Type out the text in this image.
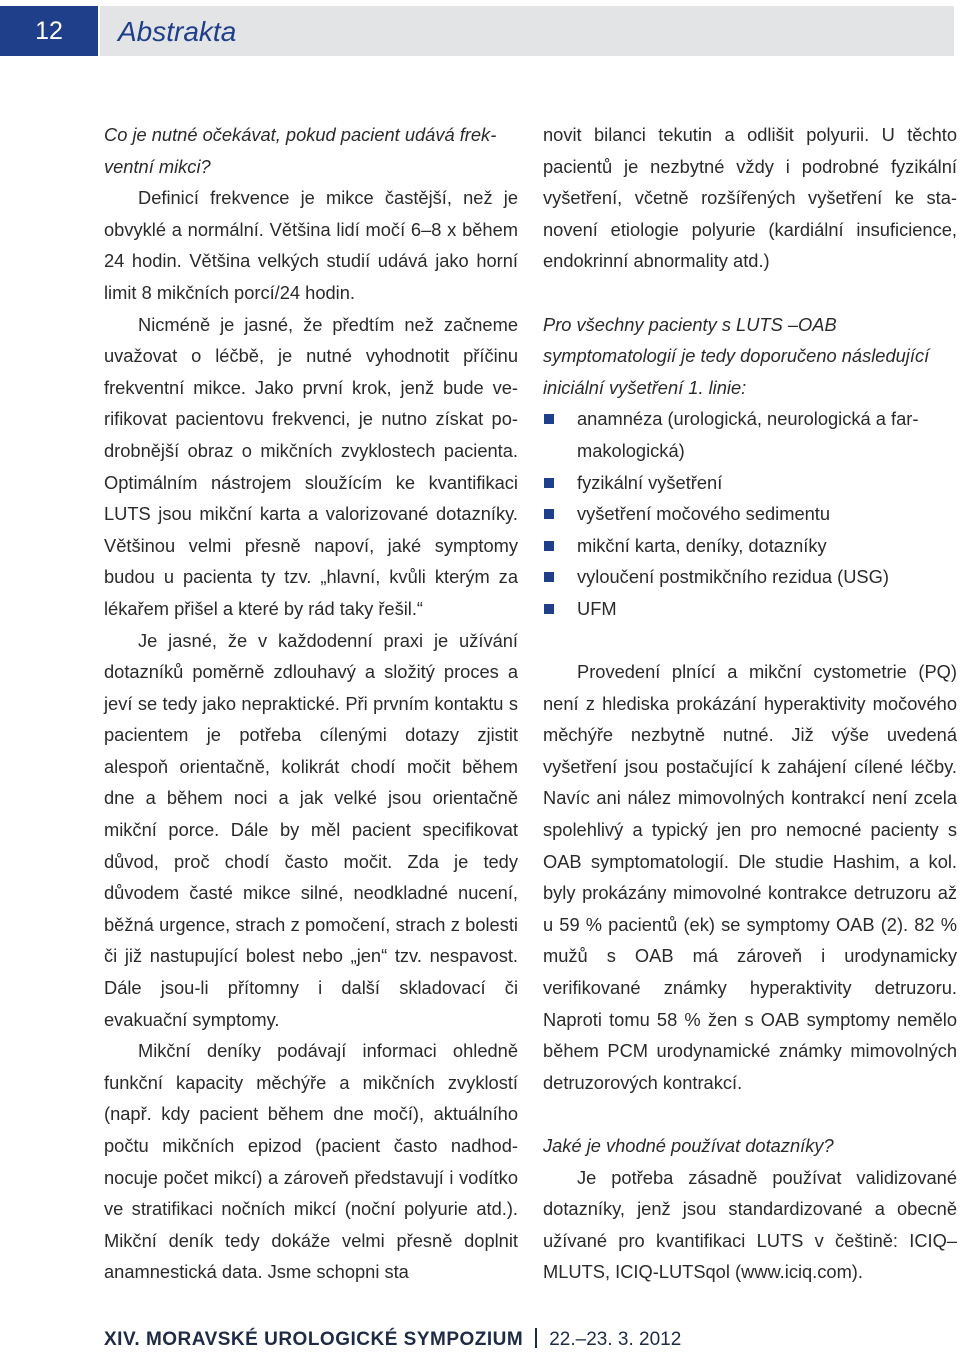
12	Abstrakta

Co je nutné očekávat, pokud pacient udává frekventní mikci?

Definicí frekvence je mikce častější, než je obvyklé a normální. Většina lidí močí 6–8 x během 24 hodin. Většina velkých studií udává jako horní limit 8 mikčních porcí/24 hodin.

Nicméně je jasné, že předtím než začneme uvažovat o léčbě, je nutné vyhodnotit příčinu frekventní mikce. Jako první krok, jenž bude verifikovat pacientovu frekvenci, je nutno získat podrobnější obraz o mikčních zvyklostech pacienta. Optimálním nástrojem sloužícím ke kvantifikaci LUTS jsou mikční karta a valorizované dotazníky. Většinou velmi přesně napoví, jaké symptomy budou u pacienta ty tzv. „hlavní, kvůli kterým za lékařem přišel a které by rád taky řešil.“

Je jasné, že v každodenní praxi je užívání dotazníků poměrně zdlouhavý a složitý proces a jeví se tedy jako nepraktické. Při prvním kontaktu s pacientem je potřeba cílenými dotazy zjistit alespoň orientačně, kolikrát chodí močit během dne a během noci a jak velké jsou orientačně mikční porce. Dále by měl pacient specifikovat důvod, proč chodí často močit. Zda je tedy důvodem časté mikce silné, neodkladné nucení, běžná urgence, strach z pomočení, strach z bolesti či již nastupující bolest nebo „jen“ tzv. nespavost. Dále jsou-li přítomny i další skladovací či evakuační symptomy.

Mikční deníky podávají informaci ohledně funkční kapacity měchýře a mikčních zvyklostí (např. kdy pacient během dne močí), aktuálního počtu mikčních epizod (pacient často nadhodnocuje počet mikcí) a zároveň představují i vodítko ve stratifikaci nočních mikcí (noční polyurie atd.). Mikční deník tedy dokáže velmi přesně doplnit anamnestická data. Jsme schopni sta

novit bilanci tekutin a odlišit polyurii. U těchto pacientů je nezbytné vždy i podrobné fyzikální vyšetření, včetně rozšířených vyšetření ke stanovení etiologie polyurie (kardiální insuficience, endokrinní abnormality atd.)

Pro všechny pacienty s LUTS –OAB symptomatologií je tedy doporučeno následující iniciální vyšetření 1. linie:

anamnéza (urologická, neurologická a farmakologická)
fyzikální vyšetření
vyšetření močového sedimentu
mikční karta, deníky, dotazníky
vyloučení postmikčního rezidua (USG)
UFM

Provedení plnící a mikční cystometrie (PQ) není z hlediska prokázání hyperaktivity močového měchýře nezbytně nutné. Již výše uvedená vyšetření jsou postačující k zahájení cílené léčby. Navíc ani nález mimovolných kontrakcí není zcela spolehlivý a typický jen pro nemocné pacienty s OAB symptomatologií. Dle studie Hashim, a kol. byly prokázány mimovolné kontrakce detruzoru až u 59 % pacientů (ek) se symptomy OAB (2). 82 % mužů s OAB má zároveň i urodynamicky verifikované známky hyperaktivity detruzoru. Naproti tomu 58 % žen s OAB symptomy nemělo během PCM urodynamické známky mimovolných detruzorových kontrakcí.

Jaké je vhodné používat dotazníky?

Je potřeba zásadně používat validizované dotazníky, jenž jsou standardizované a obecně užívané pro kvantifikaci LUTS v češtině: ICIQ–MLUTS, ICIQ-LUTSqol (www.iciq.com).

XIV. MORAVSKÉ UROLOGICKÉ SYMPOZIUM 22.–23. 3. 2012
